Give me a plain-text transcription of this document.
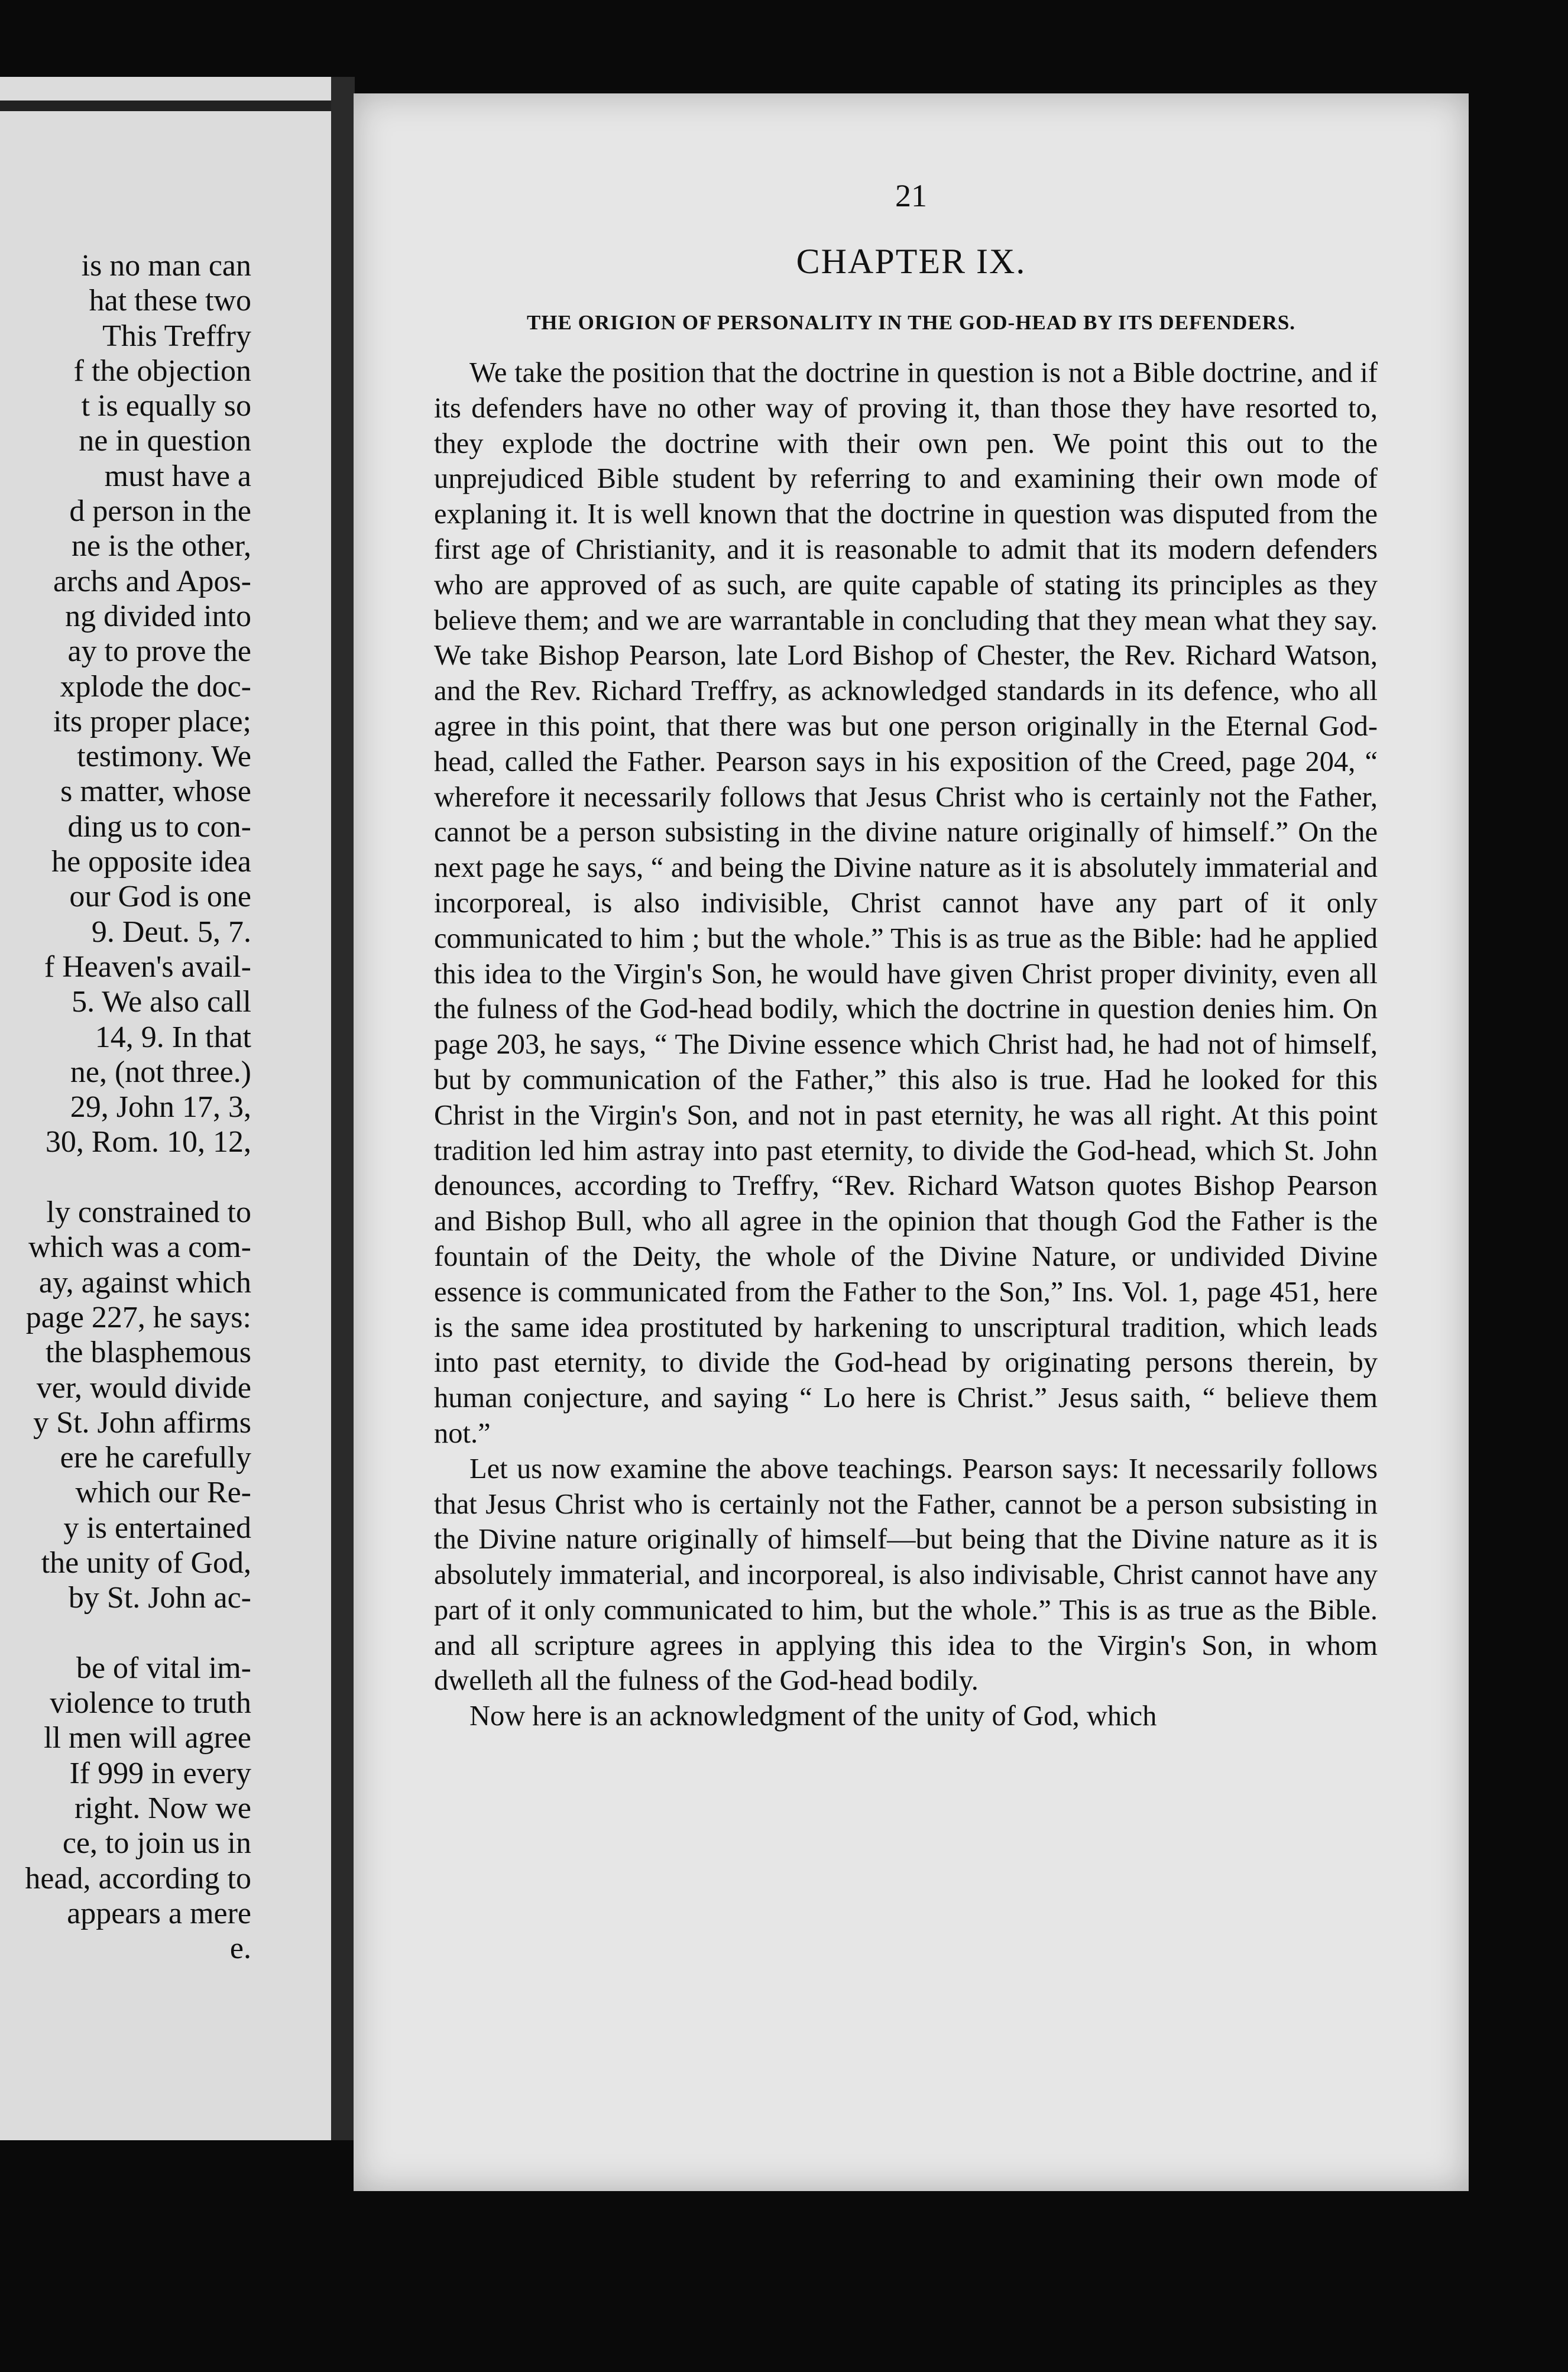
is no man can
hat these two
This Treffry
f the objection
t is equally so
ne in question
must have a
d person in the
ne is the other,
archs and Apos-
ng divided into
ay to prove the
xplode the doc-
its proper place;
testimony. We
s matter, whose
ding us to con-
he opposite idea
our God is one
9. Deut. 5, 7.
f Heaven's avail-
5. We also call
14, 9. In that
ne, (not three.)
29, John 17, 3,
30, Rom. 10, 12,

ly constrained to
which was a com-
ay, against which
page 227, he says:
the blasphemous
ver, would divide
y St. John affirms
ere he carefully
which our Re-
y is entertained
the unity of God,
by St. John ac-

be of vital im-
violence to truth
ll men will agree
If 999 in every
right. Now we
ce, to join us in
head, according to
appears a mere
e.
21
CHAPTER IX.
THE ORIGION OF PERSONALITY IN THE GOD-HEAD BY ITS DEFENDERS.

We take the position that the doctrine in question is not a Bible doctrine, and if its defenders have no other way of proving it, than those they have resorted to, they explode the doctrine with their own pen. We point this out to the unprejudiced Bible student by referring to and examining their own mode of explaning it. It is well known that the doctrine in question was disputed from the first age of Christianity, and it is reasonable to admit that its modern defenders who are approved of as such, are quite capable of stating its principles as they believe them; and we are warrantable in concluding that they mean what they say. We take Bishop Pearson, late Lord Bishop of Chester, the Rev. Richard Watson, and the Rev. Richard Treffry, as acknowledged standards in its defence, who all agree in this point, that there was but one person originally in the Eternal God-head, called the Father. Pearson says in his exposition of the Creed, page 204, “ wherefore it necessarily follows that Jesus Christ who is certainly not the Father, cannot be a person subsisting in the divine nature originally of himself.” On the next page he says, “ and being the Divine nature as it is absolutely immaterial and incorporeal, is also indivisible, Christ cannot have any part of it only communicated to him ; but the whole.” This is as true as the Bible: had he applied this idea to the Virgin's Son, he would have given Christ proper divinity, even all the fulness of the God-head bodily, which the doctrine in question denies him. On page 203, he says, “ The Divine essence which Christ had, he had not of himself, but by communication of the Father,” this also is true. Had he looked for this Christ in the Virgin's Son, and not in past eternity, he was all right. At this point tradition led him astray into past eternity, to divide the God-head, which St. John denounces, according to Treffry, “Rev. Richard Watson quotes Bishop Pearson and Bishop Bull, who all agree in the opinion that though God the Father is the fountain of the Deity, the whole of the Divine Nature, or undivided Divine essence is communicated from the Father to the Son,” Ins. Vol. 1, page 451, here is the same idea prostituted by harkening to unscriptural tradition, which leads into past eternity, to divide the God-head by originating persons therein, by human conjecture, and saying “ Lo here is Christ.” Jesus saith, “ believe them not.”

Let us now examine the above teachings. Pearson says: It necessarily follows that Jesus Christ who is certainly not the Father, cannot be a person subsisting in the Divine nature originally of himself—but being that the Divine nature as it is absolutely immaterial, and incorporeal, is also indivisable, Christ cannot have any part of it only communicated to him, but the whole.” This is as true as the Bible. and all scripture agrees in applying this idea to the Virgin's Son, in whom dwelleth all the fulness of the God-head bodily.

Now here is an acknowledgment of the unity of God, which
